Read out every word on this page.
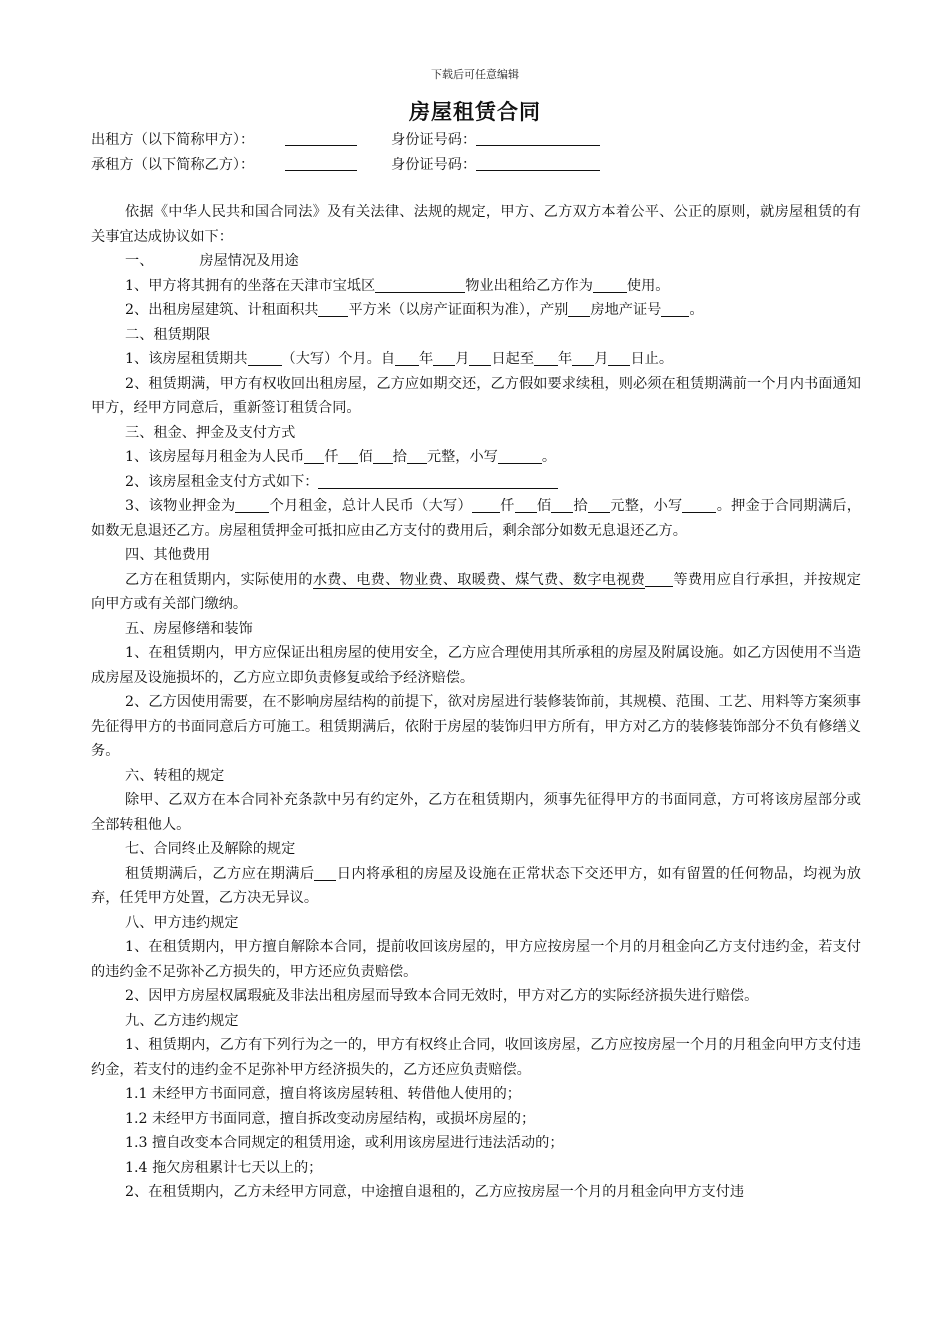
下载后可任意编辑
房屋租赁合同
出租方（以下简称甲方）：	身份证号码：
承租方（以下简称乙方）：	身份证号码：

依据《中华人民共和国合同法》及有关法律、法规的规定，甲方、乙方双方本着公平、公正的原则，就房屋租赁的有关事宜达成协议如下：

一、	房屋情况及用途

1、甲方将其拥有的坐落在天津市宝坻区	物业出租给乙方作为 使用。

2、出租房屋建筑、计租面积共 平方米（以房产证面积为准），产别 房地产证号 。

二、租赁期限

1、该房屋租赁期共 （大写）个月。自 年 月 日起至 年 月 日止。

2、租赁期满，甲方有权收回出租房屋，乙方应如期交还，乙方假如要求续租，则必须在租赁期满前一个月内书面通知甲方，经甲方同意后，重新签订租赁合同。

三、租金、押金及支付方式

1、该房屋每月租金为人民币 仟 佰 拾 元整，小写	。

2、该房屋租金支付方式如下：

3、该物业押金为 个月租金，总计人民币（大写） 仟 佰 拾 元整，小写 。押金于合同期满后，如数无息退还乙方。房屋租赁押金可抵扣应由乙方支付的费用后，剩余部分如数无息退还乙方。

四、其他费用

乙方在租赁期内，实际使用的水费、电费、物业费、取暖费、煤气费、数字电视费 等费用应自行承担，并按规定向甲方或有关部门缴纳。

五、房屋修缮和装饰

1、在租赁期内，甲方应保证出租房屋的使用安全，乙方应合理使用其所承租的房屋及附属设施。如乙方因使用不当造成房屋及设施损坏的，乙方应立即负责修复或给予经济赔偿。

2、乙方因使用需要，在不影响房屋结构的前提下，欲对房屋进行装修装饰前，其规模、范围、工艺、用料等方案须事先征得甲方的书面同意后方可施工。租赁期满后，依附于房屋的装饰归甲方所有，甲方对乙方的装修装饰部分不负有修缮义务。

六、转租的规定

除甲、乙双方在本合同补充条款中另有约定外，乙方在租赁期内，须事先征得甲方的书面同意，方可将该房屋部分或全部转租他人。

七、合同终止及解除的规定

租赁期满后，乙方应在期满后 日内将承租的房屋及设施在正常状态下交还甲方，如有留置的任何物品，均视为放弃，任凭甲方处置，乙方决无异议。

八、甲方违约规定

1、在租赁期内，甲方擅自解除本合同，提前收回该房屋的，甲方应按房屋一个月的月租金向乙方支付违约金，若支付的违约金不足弥补乙方损失的，甲方还应负责赔偿。

2、因甲方房屋权属瑕疵及非法出租房屋而导致本合同无效时，甲方对乙方的实际经济损失进行赔偿。

九、乙方违约规定

1、租赁期内，乙方有下列行为之一的，甲方有权终止合同，收回该房屋，乙方应按房屋一个月的月租金向甲方支付违约金，若支付的违约金不足弥补甲方经济损失的，乙方还应负责赔偿。

1.1 未经甲方书面同意，擅自将该房屋转租、转借他人使用的；

1.2 未经甲方书面同意，擅自拆改变动房屋结构，或损坏房屋的；

1.3 擅自改变本合同规定的租赁用途，或利用该房屋进行违法活动的；

1.4 拖欠房租累计七天以上的；

2、在租赁期内，乙方未经甲方同意，中途擅自退租的，乙方应按房屋一个月的月租金向甲方支付违
